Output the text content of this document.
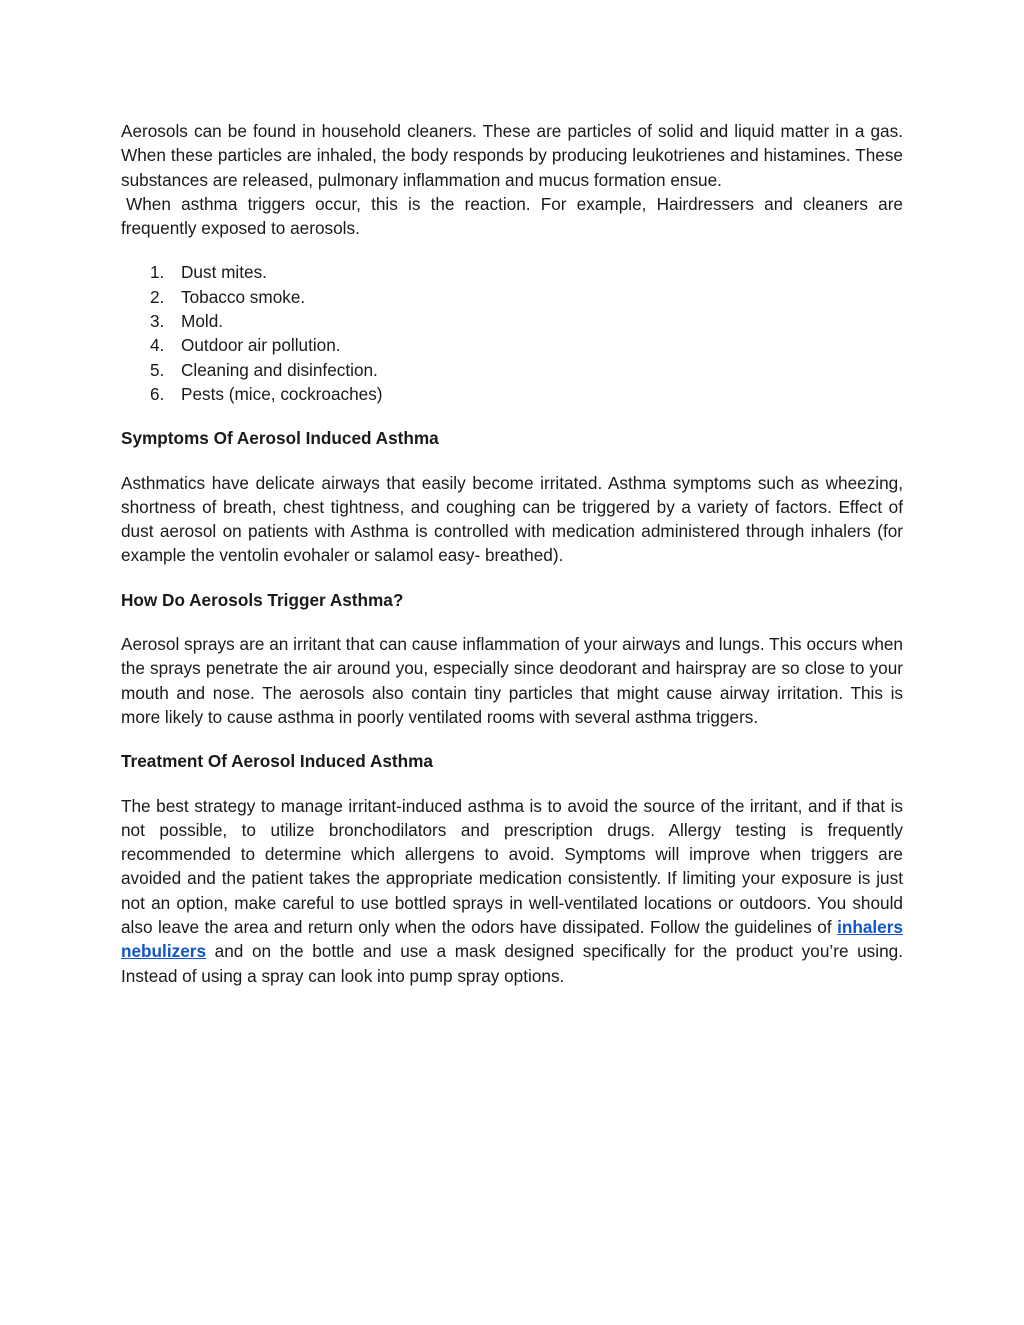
Aerosols can be found in household cleaners. These are particles of solid and liquid matter in a gas. When these particles are inhaled, the body responds by producing leukotrienes and histamines. These substances are released, pulmonary inflammation and mucus formation ensue.

When asthma triggers occur, this is the reaction. For example, Hairdressers and cleaners are frequently exposed to aerosols.

1. Dust mites.
2. Tobacco smoke.
3. Mold.
4. Outdoor air pollution.
5. Cleaning and disinfection.
6. Pests (mice, cockroaches)
Symptoms Of Aerosol Induced Asthma

Asthmatics have delicate airways that easily become irritated. Asthma symptoms such as wheezing, shortness of breath, chest tightness, and coughing can be triggered by a variety of factors. Effect of dust aerosol on patients with Asthma is controlled with medication administered through inhalers (for example the ventolin evohaler or salamol easy- breathed).

How Do Aerosols Trigger Asthma?

Aerosol sprays are an irritant that can cause inflammation of your airways and lungs. This occurs when the sprays penetrate the air around you, especially since deodorant and hairspray are so close to your mouth and nose. The aerosols also contain tiny particles that might cause airway irritation. This is more likely to cause asthma in poorly ventilated rooms with several asthma triggers.

Treatment Of Aerosol Induced Asthma

The best strategy to manage irritant-induced asthma is to avoid the source of the irritant, and if that is not possible, to utilize bronchodilators and prescription drugs. Allergy testing is frequently recommended to determine which allergens to avoid. Symptoms will improve when triggers are avoided and the patient takes the appropriate medication consistently. If limiting your exposure is just not an option, make careful to use bottled sprays in well-ventilated locations or outdoors. You should also leave the area and return only when the odors have dissipated. Follow the guidelines of inhalers nebulizers and on the bottle and use a mask designed specifically for the product you’re using. Instead of using a spray can look into pump spray options.
